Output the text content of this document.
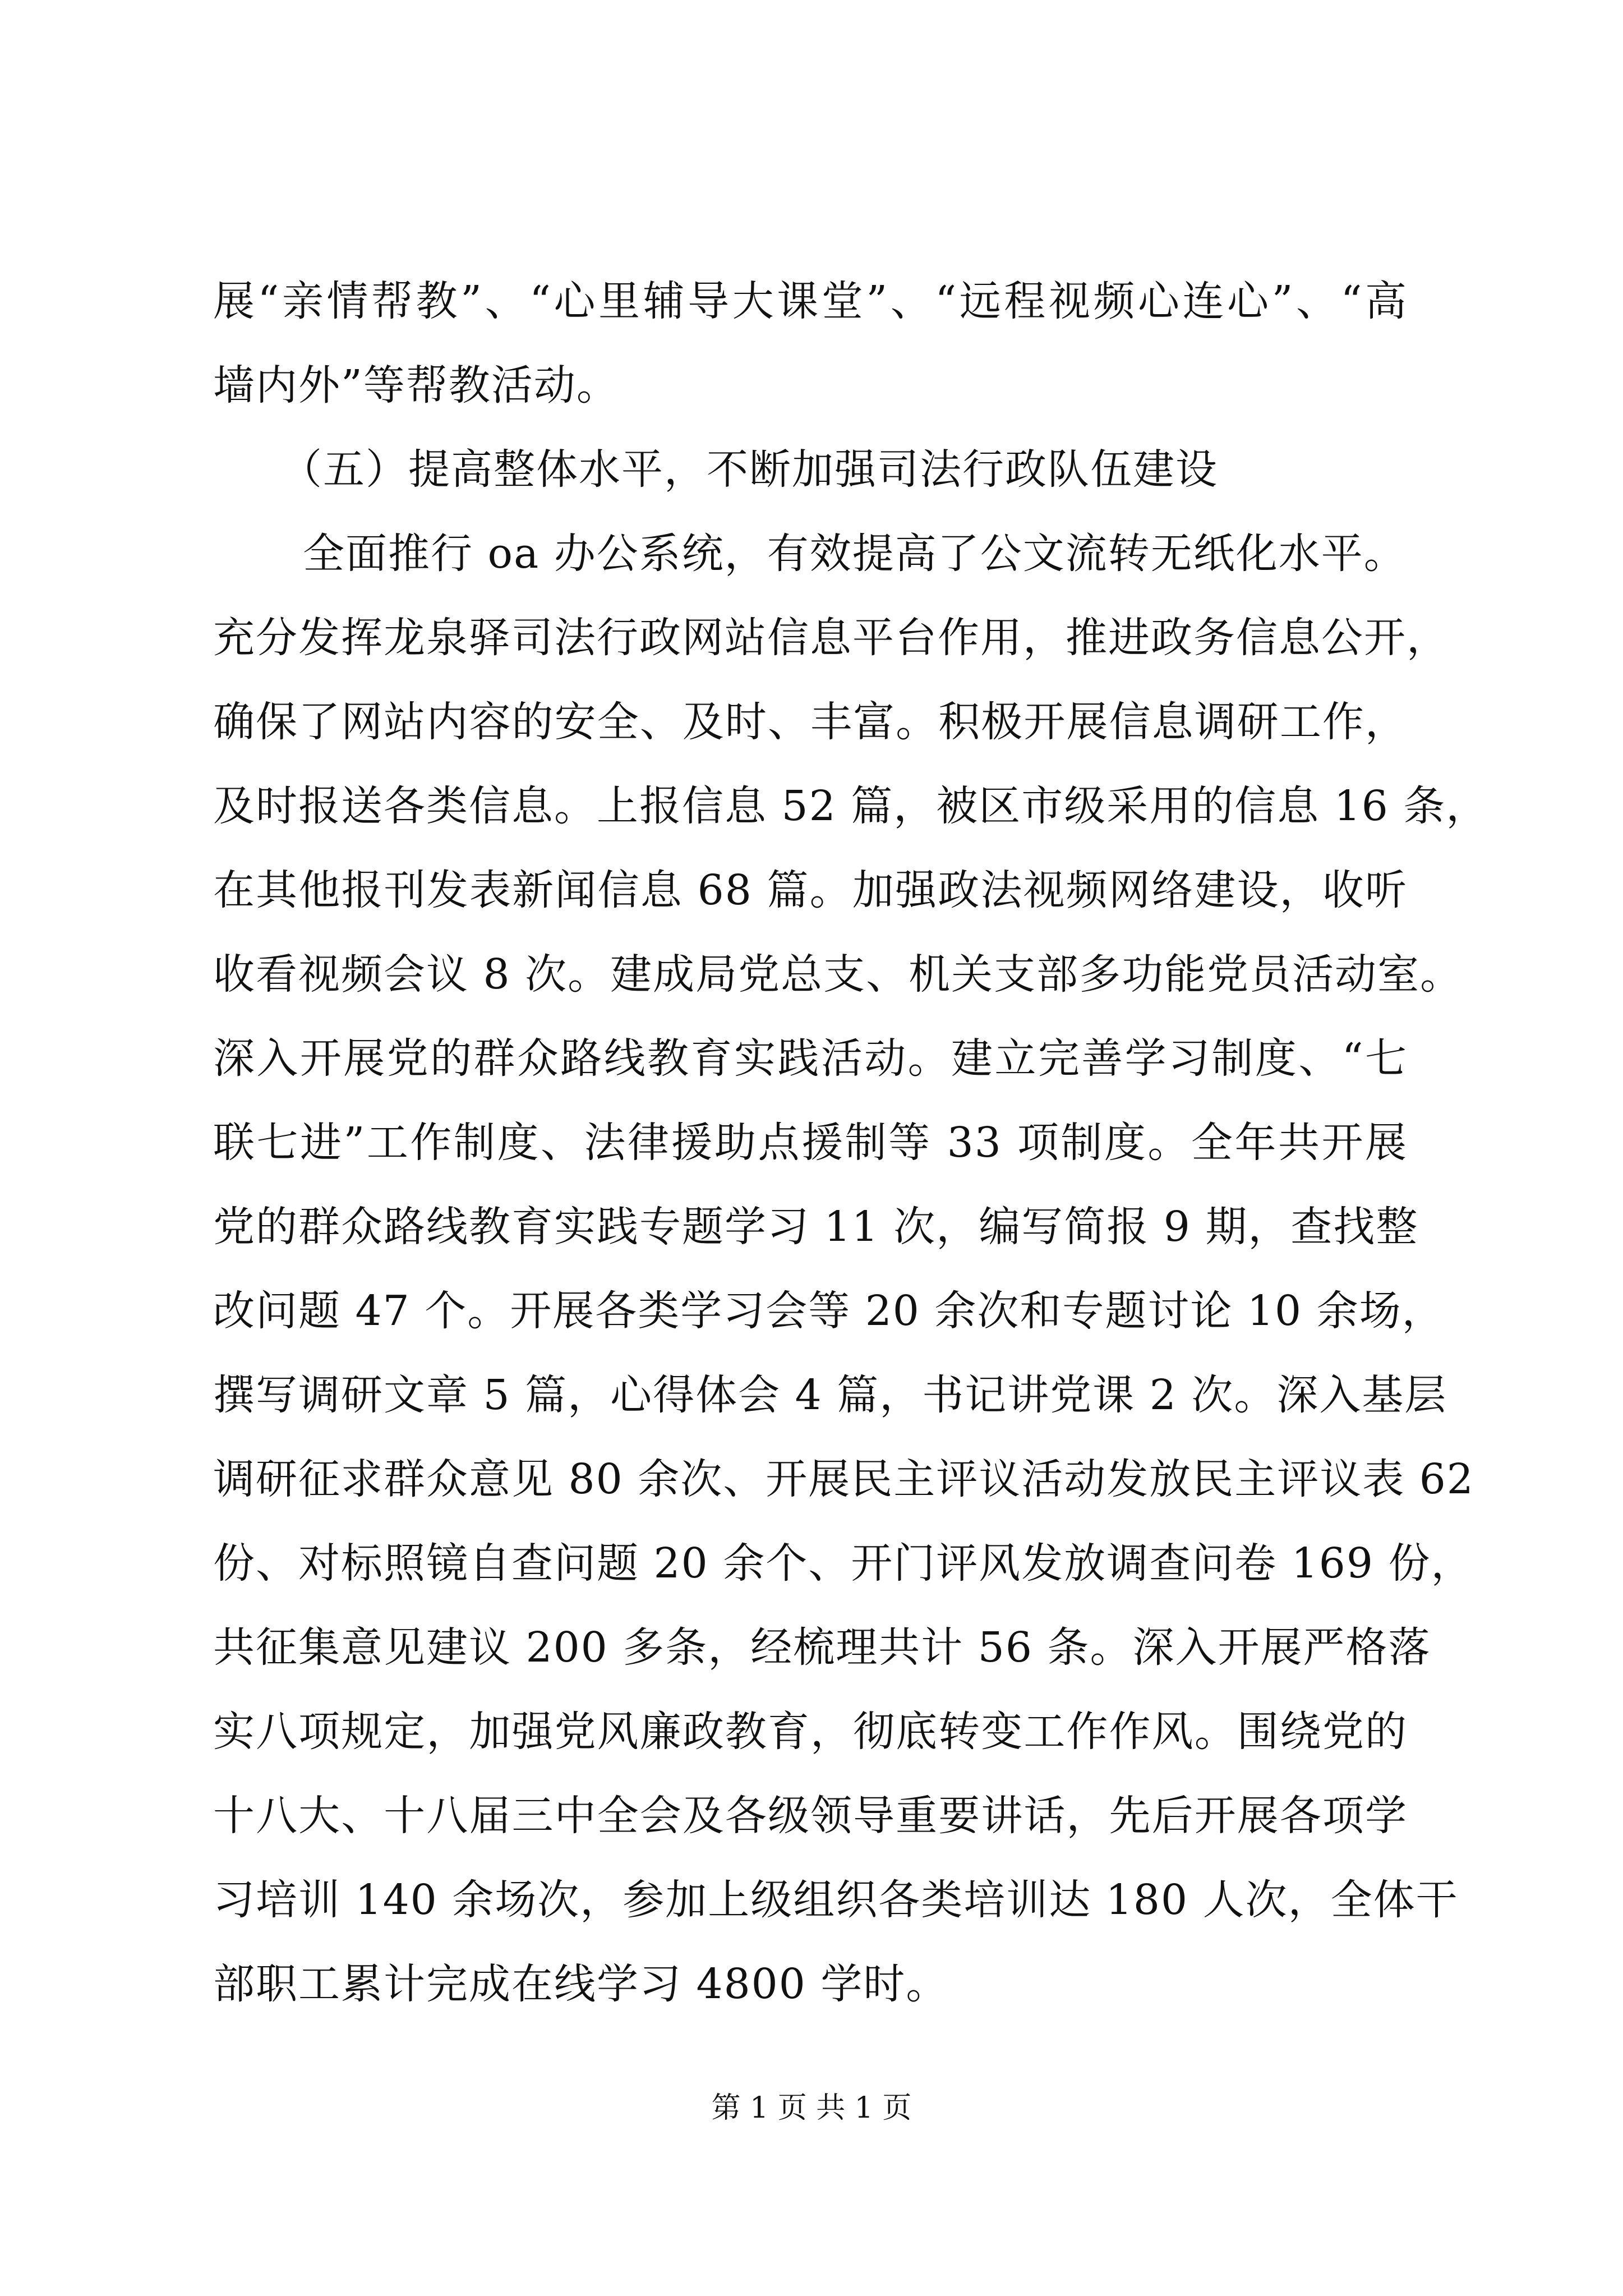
展“亲情帮教”、“心里辅导大课堂”、“远程视频心连心”、“高
墙内外”等帮教活动。
（五）提高整体水平，不断加强司法行政队伍建设
全面推行 oa 办公系统，有效提高了公文流转无纸化水平。
充分发挥龙泉驿司法行政网站信息平台作用，推进政务信息公开，
确保了网站内容的安全、及时、丰富。积极开展信息调研工作，
及时报送各类信息。上报信息 52 篇，被区市级采用的信息 16 条，
在其他报刊发表新闻信息 68 篇。加强政法视频网络建设，收听
收看视频会议 8 次。建成局党总支、机关支部多功能党员活动室。
深入开展党的群众路线教育实践活动。建立完善学习制度、“七
联七进”工作制度、法律援助点援制等 33 项制度。全年共开展
党的群众路线教育实践专题学习 11 次，编写简报 9 期，查找整
改问题 47 个。开展各类学习会等 20 余次和专题讨论 10 余场，
撰写调研文章 5 篇，心得体会 4 篇，书记讲党课 2 次。深入基层
调研征求群众意见 80 余次、开展民主评议活动发放民主评议表 62
份、对标照镜自查问题 20 余个、开门评风发放调查问卷 169 份，
共征集意见建议 200 多条，经梳理共计 56 条。深入开展严格落
实八项规定，加强党风廉政教育，彻底转变工作作风。围绕党的
十八大、十八届三中全会及各级领导重要讲话，先后开展各项学
习培训 140 余场次，参加上级组织各类培训达 180 人次，全体干
部职工累计完成在线学习 4800 学时。
第 1 页 共 1 页
